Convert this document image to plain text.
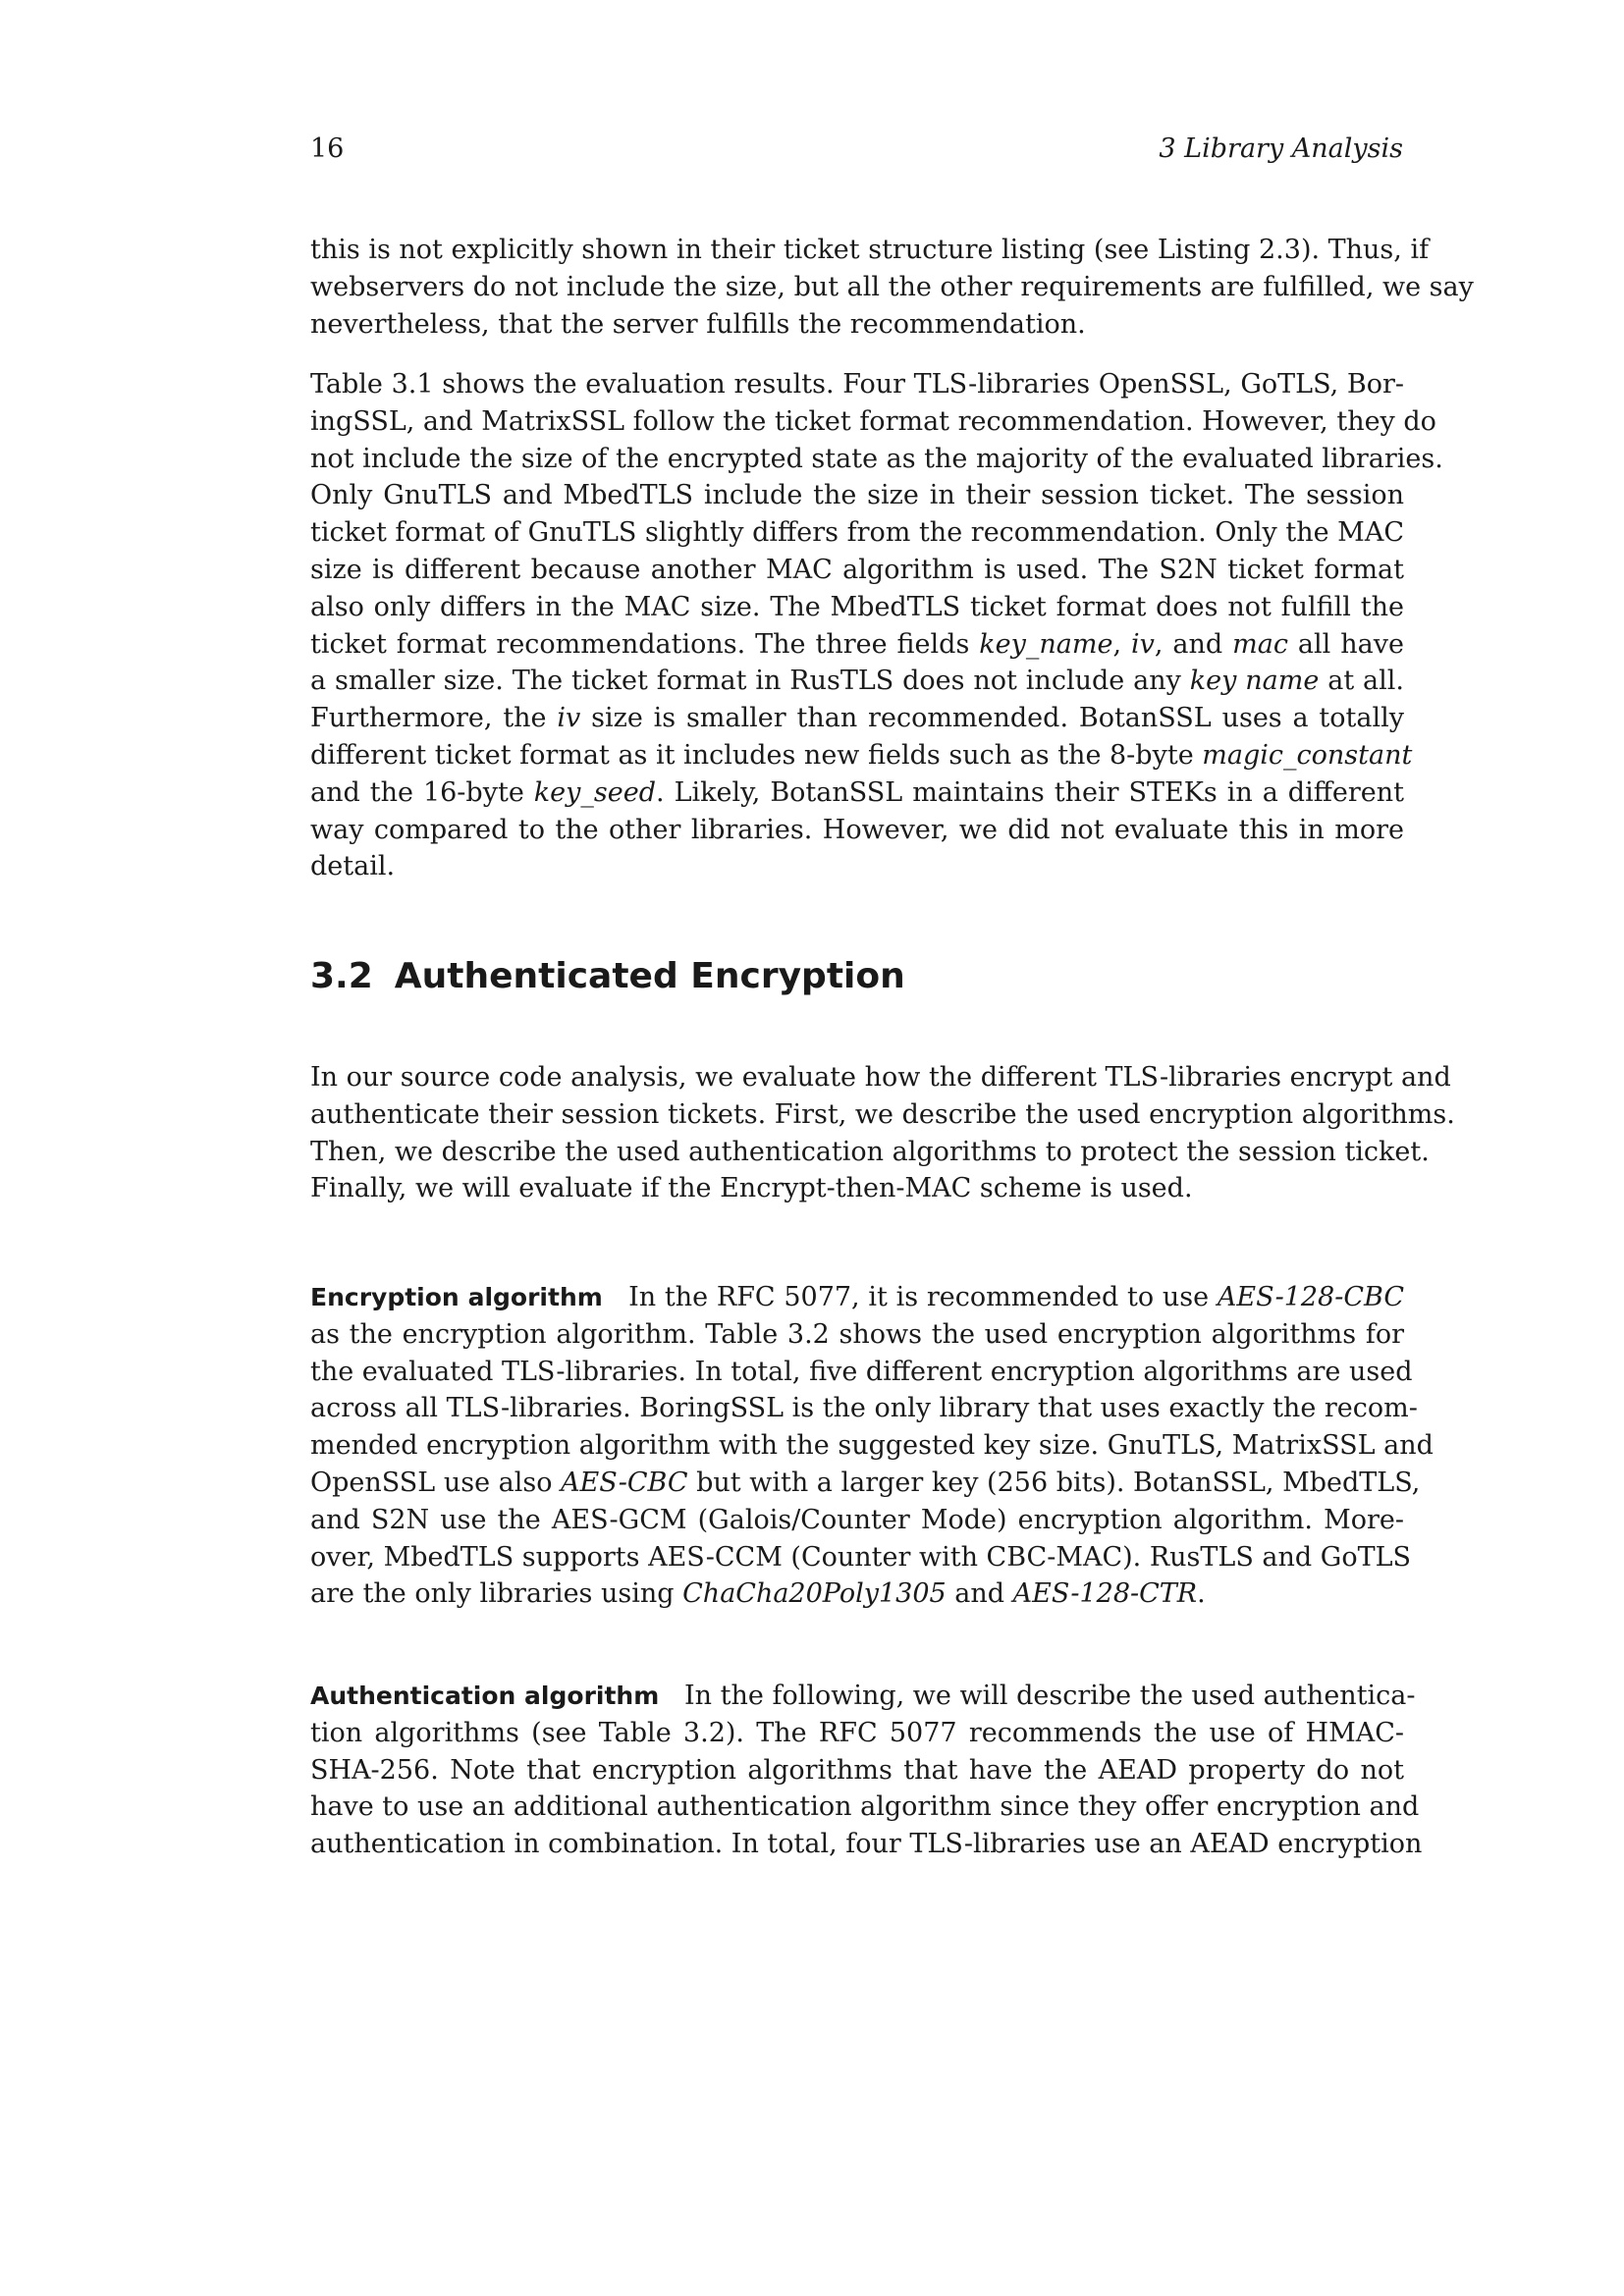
16	3 Library Analysis
this is not explicitly shown in their ticket structure listing (see Listing 2.3). Thus, if
webservers do not include the size, but all the other requirements are fulfilled, we say
nevertheless, that the server fulfills the recommendation.
Table 3.1 shows the evaluation results. Four TLS-libraries OpenSSL, GoTLS, Bor-
ingSSL, and MatrixSSL follow the ticket format recommendation. However, they do
not include the size of the encrypted state as the majority of the evaluated libraries.
Only GnuTLS and MbedTLS include the size in their session ticket. The session
ticket format of GnuTLS slightly differs from the recommendation. Only the MAC
size is different because another MAC algorithm is used. The S2N ticket format
also only differs in the MAC size. The MbedTLS ticket format does not fulfill the
ticket format recommendations. The three fields key_name, iv, and mac all have
a smaller size. The ticket format in RusTLS does not include any key name at all.
Furthermore, the iv size is smaller than recommended. BotanSSL uses a totally
different ticket format as it includes new fields such as the 8-byte magic_constant
and the 16-byte key_seed. Likely, BotanSSL maintains their STEKs in a different
way compared to the other libraries. However, we did not evaluate this in more
detail.
3.2 Authenticated Encryption
In our source code analysis, we evaluate how the different TLS-libraries encrypt and
authenticate their session tickets. First, we describe the used encryption algorithms.
Then, we describe the used authentication algorithms to protect the session ticket.
Finally, we will evaluate if the Encrypt-then-MAC scheme is used.
Encryption algorithm In the RFC 5077, it is recommended to use AES-128-CBC
as the encryption algorithm. Table 3.2 shows the used encryption algorithms for
the evaluated TLS-libraries. In total, five different encryption algorithms are used
across all TLS-libraries. BoringSSL is the only library that uses exactly the recom-
mended encryption algorithm with the suggested key size. GnuTLS, MatrixSSL and
OpenSSL use also AES-CBC but with a larger key (256 bits). BotanSSL, MbedTLS,
and S2N use the AES-GCM (Galois/Counter Mode) encryption algorithm. More-
over, MbedTLS supports AES-CCM (Counter with CBC-MAC). RusTLS and GoTLS
are the only libraries using ChaCha20Poly1305 and AES-128-CTR.
Authentication algorithm In the following, we will describe the used authentica-
tion algorithms (see Table 3.2). The RFC 5077 recommends the use of HMAC-
SHA-256. Note that encryption algorithms that have the AEAD property do not
have to use an additional authentication algorithm since they offer encryption and
authentication in combination. In total, four TLS-libraries use an AEAD encryption
